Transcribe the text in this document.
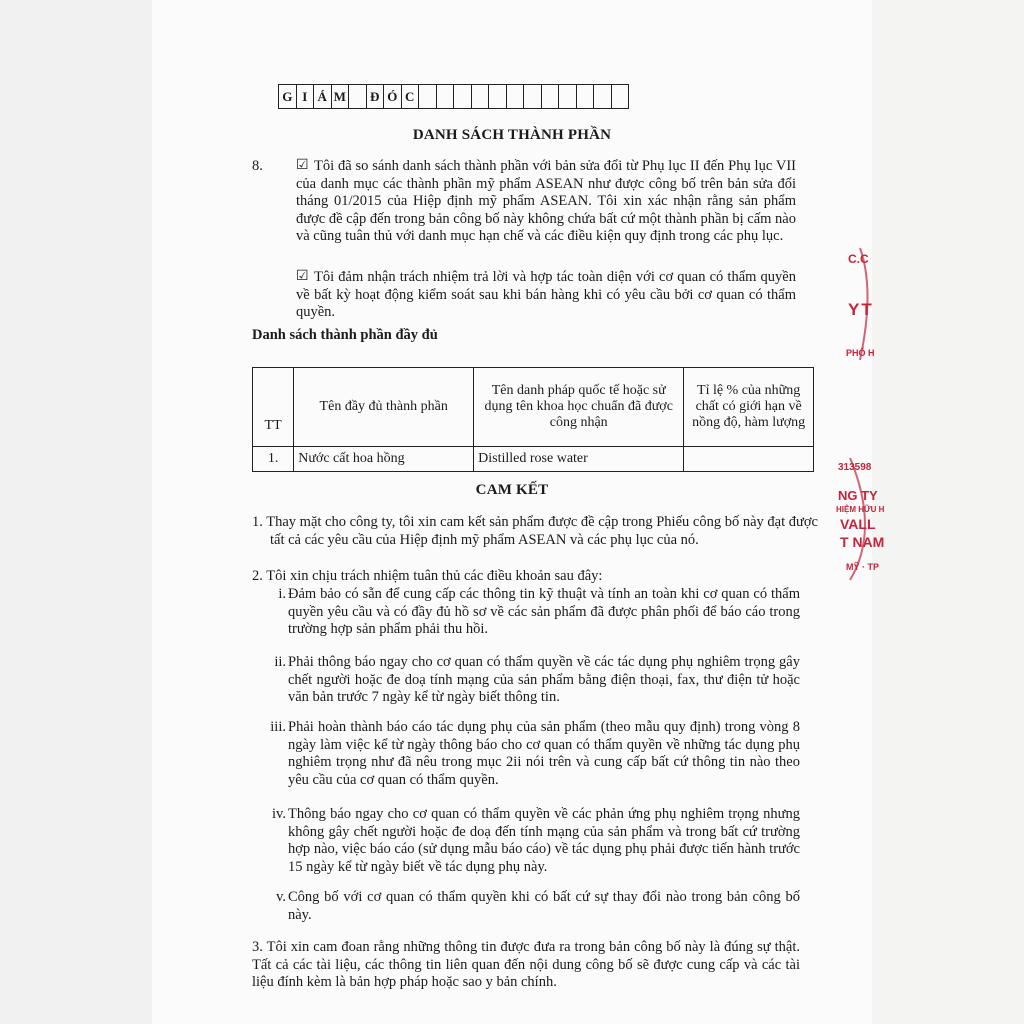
G I Á M Đ Ó C
DANH SÁCH THÀNH PHẦN
8. ☑ Tôi đã so sánh danh sách thành phần với bản sửa đổi từ Phụ lục II đến Phụ lục VII của danh mục các thành phần mỹ phẩm ASEAN như được công bố trên bản sửa đổi tháng 01/2015 của Hiệp định mỹ phẩm ASEAN. Tôi xin xác nhận rằng sản phẩm được đề cập đến trong bản công bố này không chứa bất cứ một thành phần bị cấm nào và cũng tuân thủ với danh mục hạn chế và các điều kiện quy định trong các phụ lục.
☑ Tôi đảm nhận trách nhiệm trả lời và hợp tác toàn diện với cơ quan có thẩm quyền về bất kỳ hoạt động kiểm soát sau khi bán hàng khi có yêu cầu bởi cơ quan có thẩm quyền.
Danh sách thành phần đầy đủ
TT	Tên đầy đủ thành phần	Tên danh pháp quốc tế hoặc sử dụng tên khoa học chuẩn đã được công nhận	Tỉ lệ % của những chất có giới hạn về nồng độ, hàm lượng
1.	Nước cất hoa hồng	Distilled rose water	
CAM KẾT
1. Thay mặt cho công ty, tôi xin cam kết sản phẩm được đề cập trong Phiếu công bố này đạt được tất cả các yêu cầu của Hiệp định mỹ phẩm ASEAN và các phụ lục của nó.
2. Tôi xin chịu trách nhiệm tuân thủ các điều khoản sau đây:
i. Đảm bảo có sẵn để cung cấp các thông tin kỹ thuật và tính an toàn khi cơ quan có thẩm quyền yêu cầu và có đầy đủ hồ sơ về các sản phẩm đã được phân phối để báo cáo trong trường hợp sản phẩm phải thu hồi.
ii. Phải thông báo ngay cho cơ quan có thẩm quyền về các tác dụng phụ nghiêm trọng gây chết người hoặc đe doạ tính mạng của sản phẩm bằng điện thoại, fax, thư điện tử hoặc văn bản trước 7 ngày kể từ ngày biết thông tin.
iii. Phải hoàn thành báo cáo tác dụng phụ của sản phẩm (theo mẫu quy định) trong vòng 8 ngày làm việc kể từ ngày thông báo cho cơ quan có thẩm quyền về những tác dụng phụ nghiêm trọng như đã nêu trong mục 2ii nói trên và cung cấp bất cứ thông tin nào theo yêu cầu của cơ quan có thẩm quyền.
iv. Thông báo ngay cho cơ quan có thẩm quyền về các phản ứng phụ nghiêm trọng nhưng không gây chết người hoặc đe doạ đến tính mạng của sản phẩm và trong bất cứ trường hợp nào, việc báo cáo (sử dụng mẫu báo cáo) về tác dụng phụ phải được tiến hành trước 15 ngày kể từ ngày biết về tác dụng phụ này.
v. Công bố với cơ quan có thẩm quyền khi có bất cứ sự thay đổi nào trong bản công bố này.
3. Tôi xin cam đoan rằng những thông tin được đưa ra trong bản công bố này là đúng sự thật. Tất cả các tài liệu, các thông tin liên quan đến nội dung công bố sẽ được cung cấp và các tài liệu đính kèm là bản hợp pháp hoặc sao y bản chính.
C.C
YT
PHỐ H
313598
NG TY
HIỆM HỮU H
VALL
T NAM
MỸ · TP
